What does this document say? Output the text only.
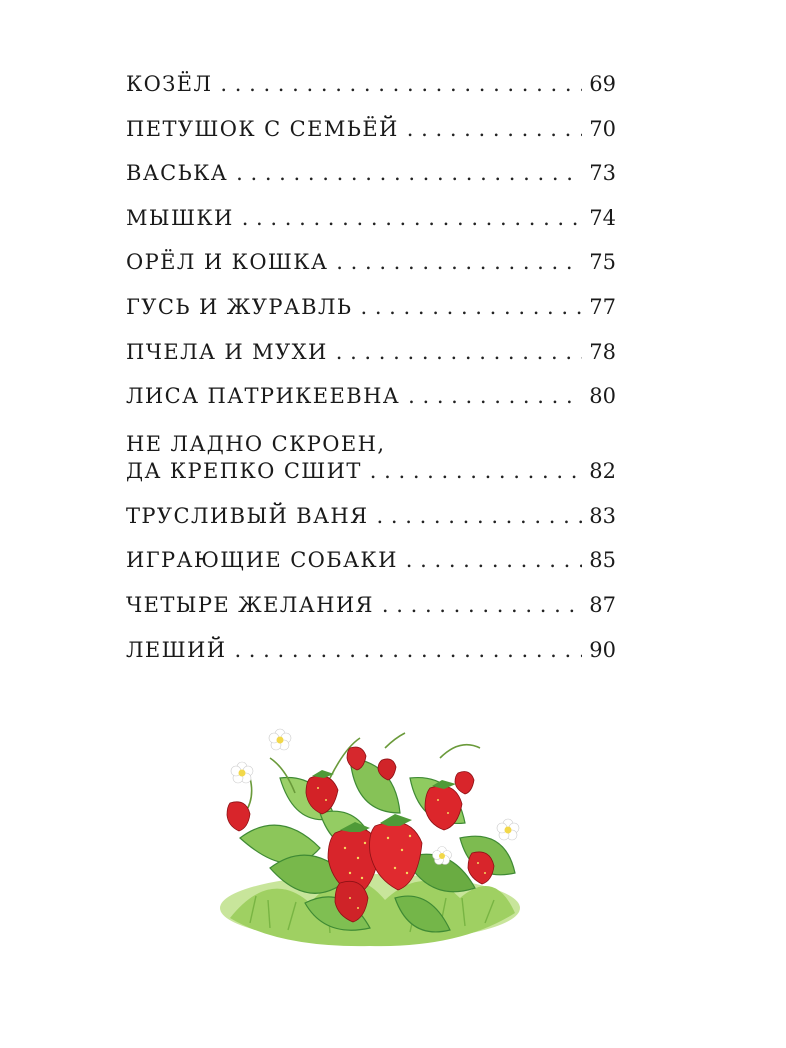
КОЗЁЛ . . .	69
ПЕТУШОК С СЕМЬЁЙ . . .	70
ВАСЬКА . . .	73
МЫШКИ . . .	74
ОРЁЛ И КОШКА . . .	75
ГУСЬ И ЖУРАВЛЬ . . .	77
ПЧЕЛА И МУХИ . . .	78
ЛИСА ПАТРИКЕЕВНА . . .	80
НЕ ЛАДНО СКРОЕН,
ДА КРЕПКО СШИТ . . .	82
ТРУСЛИВЫЙ ВАНЯ . . .	83
ИГРАЮЩИЕ СОБАКИ . . .	85
ЧЕТЫРЕ ЖЕЛАНИЯ . . .	87
ЛЕШИЙ . . .	90
